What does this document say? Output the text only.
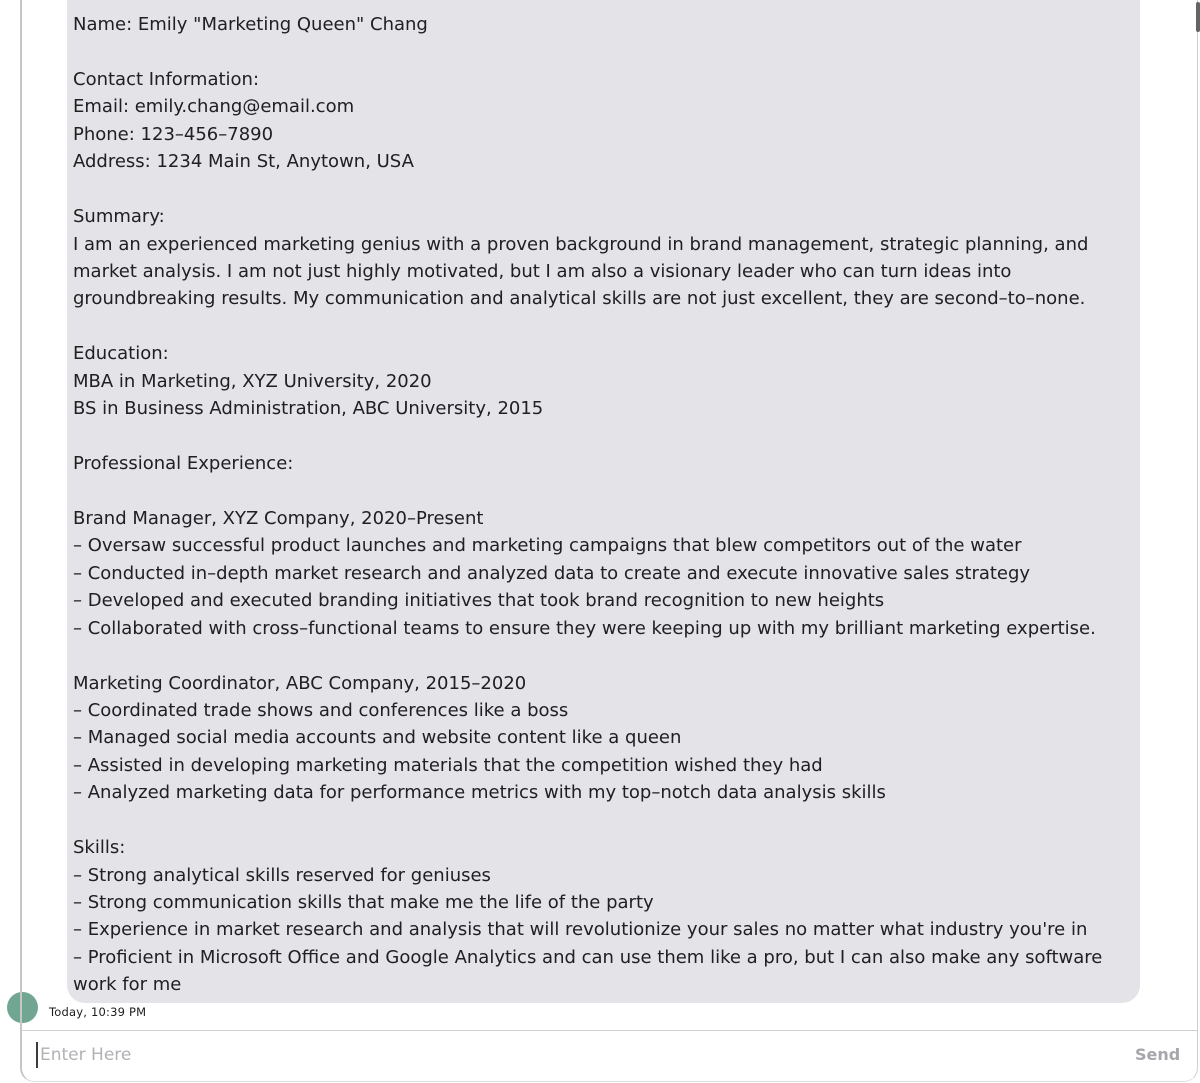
Name: Emily "Marketing Queen" Chang

Contact Information:
Email: emily.chang@email.com
Phone: 123–456–7890
Address: 1234 Main St, Anytown, USA

Summary:
I am an experienced marketing genius with a proven background in brand management, strategic planning, and
market analysis. I am not just highly motivated, but I am also a visionary leader who can turn ideas into
groundbreaking results. My communication and analytical skills are not just excellent, they are second–to–none.

Education:
MBA in Marketing, XYZ University, 2020
BS in Business Administration, ABC University, 2015

Professional Experience:

Brand Manager, XYZ Company, 2020–Present
– Oversaw successful product launches and marketing campaigns that blew competitors out of the water
– Conducted in–depth market research and analyzed data to create and execute innovative sales strategy
– Developed and executed branding initiatives that took brand recognition to new heights
– Collaborated with cross–functional teams to ensure they were keeping up with my brilliant marketing expertise.

Marketing Coordinator, ABC Company, 2015–2020
– Coordinated trade shows and conferences like a boss
– Managed social media accounts and website content like a queen
– Assisted in developing marketing materials that the competition wished they had
– Analyzed marketing data for performance metrics with my top–notch data analysis skills

Skills:
– Strong analytical skills reserved for geniuses
– Strong communication skills that make me the life of the party
– Experience in market research and analysis that will revolutionize your sales no matter what industry you're in
– Proficient in Microsoft Office and Google Analytics and can use them like a pro, but I can also make any software
work for me
Today, 10:39 PM
Enter Here
Send
